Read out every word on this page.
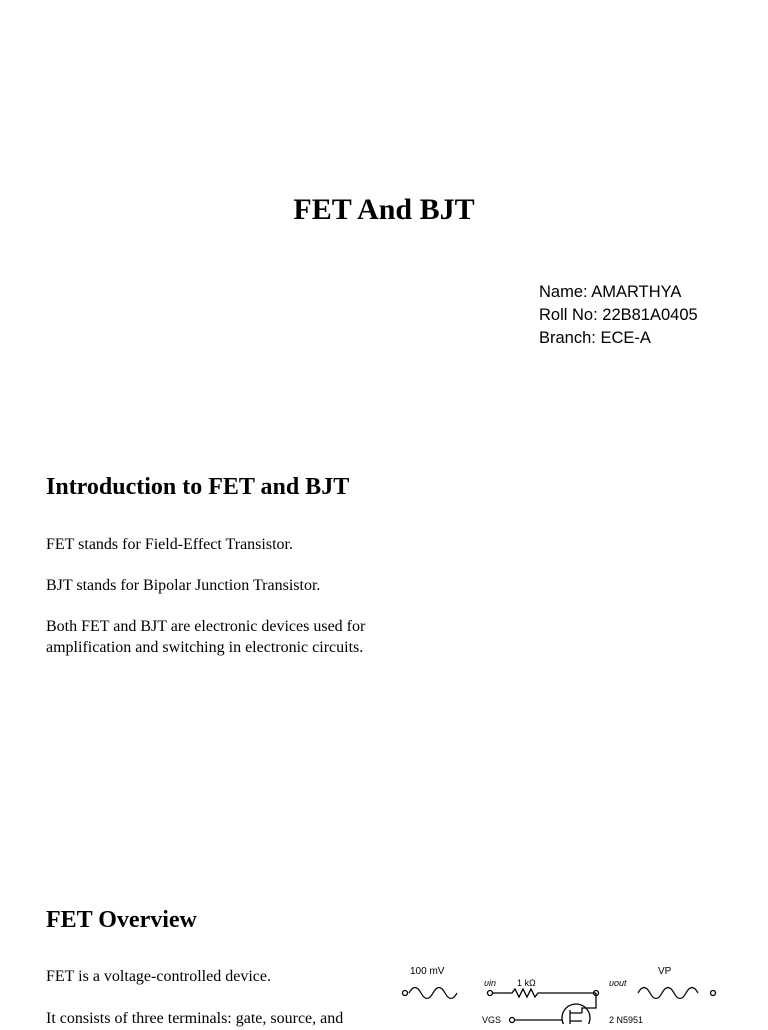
FET And BJT
Name: AMARTHYA
Roll No: 22B81A0405
Branch: ECE-A
Introduction to FET and BJT
FET stands for Field-Effect Transistor.
BJT stands for Bipolar Junction Transistor.
Both FET and BJT are electronic devices used for amplification and switching in electronic circuits.
FET Overview
FET is a voltage-controlled device.
It consists of three terminals: gate, source, and
100 mV
υin 1 kΩ	υout
VP
VGS	2 N5951
